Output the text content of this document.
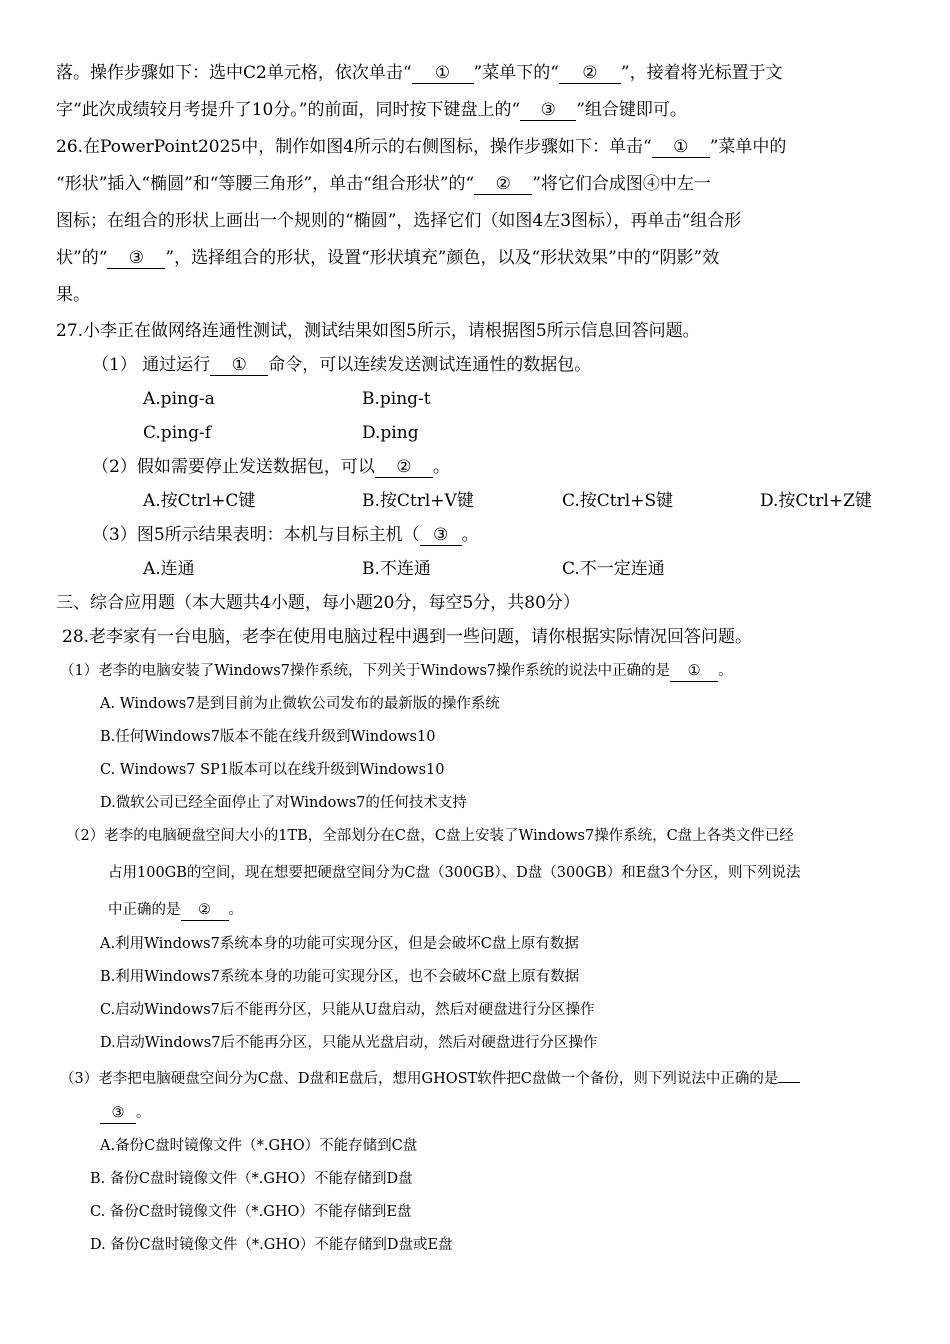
落。操作步骤如下：选中C2单元格，依次单击“ ① ”菜单下的“ ② ”，接着将光标置于文
字“此次成绩较月考提升了10分。”的前面，同时按下键盘上的“ ③ ”组合键即可。
26.在PowerPoint2025中，制作如图4所示的右侧图标，操作步骤如下：单击“ ① ”菜单中的
“形状”插入“椭圆”和“等腰三角形”，单击“组合形状”的“ ② ”将它们合成图④中左一
图标；在组合的形状上画出一个规则的“椭圆”，选择它们（如图4左3图标），再单击“组合形
状”的“ ③ ”，选择组合的形状，设置“形状填充”颜色，以及“形状效果”中的“阴影”效
果。
27.小李正在做网络连通性测试，测试结果如图5所示，请根据图5所示信息回答问题。
（1） 通过运行 ① 命令，可以连续发送测试连通性的数据包。
A.ping-a	B.ping-t
C.ping-f	D.ping
（2）假如需要停止发送数据包，可以 ② 。
A.按Ctrl+C键	B.按Ctrl+V键	C.按Ctrl+S键	D.按Ctrl+Z键
（3）图5所示结果表明：本机与目标主机（ ③ 。
A.连通	B.不连通	C.不一定连通
三、综合应用题（本大题共4小题，每小题20分，每空5分，共80分）
28.老李家有一台电脑，老李在使用电脑过程中遇到一些问题，请你根据实际情况回答问题。
（1）老李的电脑安装了Windows7操作系统，下列关于Windows7操作系统的说法中正确的是 ① 。
A. Windows7是到目前为止微软公司发布的最新版的操作系统
B.任何Windows7版本不能在线升级到Windows10
C. Windows7 SP1版本可以在线升级到Windows10
D.微软公司已经全面停止了对Windows7的任何技术支持
（2）老李的电脑硬盘空间大小的1TB，全部划分在C盘，C盘上安装了Windows7操作系统，C盘上各类文件已经
占用100GB的空间，现在想要把硬盘空间分为C盘（300GB）、D盘（300GB）和E盘3个分区，则下列说法
中正确的是 ② 。
A.利用Windows7系统本身的功能可实现分区，但是会破坏C盘上原有数据
B.利用Windows7系统本身的功能可实现分区，也不会破坏C盘上原有数据
C.启动Windows7后不能再分区，只能从U盘启动，然后对硬盘进行分区操作
D.启动Windows7后不能再分区，只能从光盘启动，然后对硬盘进行分区操作
（3）老李把电脑硬盘空间分为C盘、D盘和E盘后，想用GHOST软件把C盘做一个备份，则下列说法中正确的是
③ 。
A.备份C盘时镜像文件（*.GHO）不能存储到C盘
B. 备份C盘时镜像文件（*.GHO）不能存储到D盘
C. 备份C盘时镜像文件（*.GHO）不能存储到E盘
D. 备份C盘时镜像文件（*.GHO）不能存储到D盘或E盘
